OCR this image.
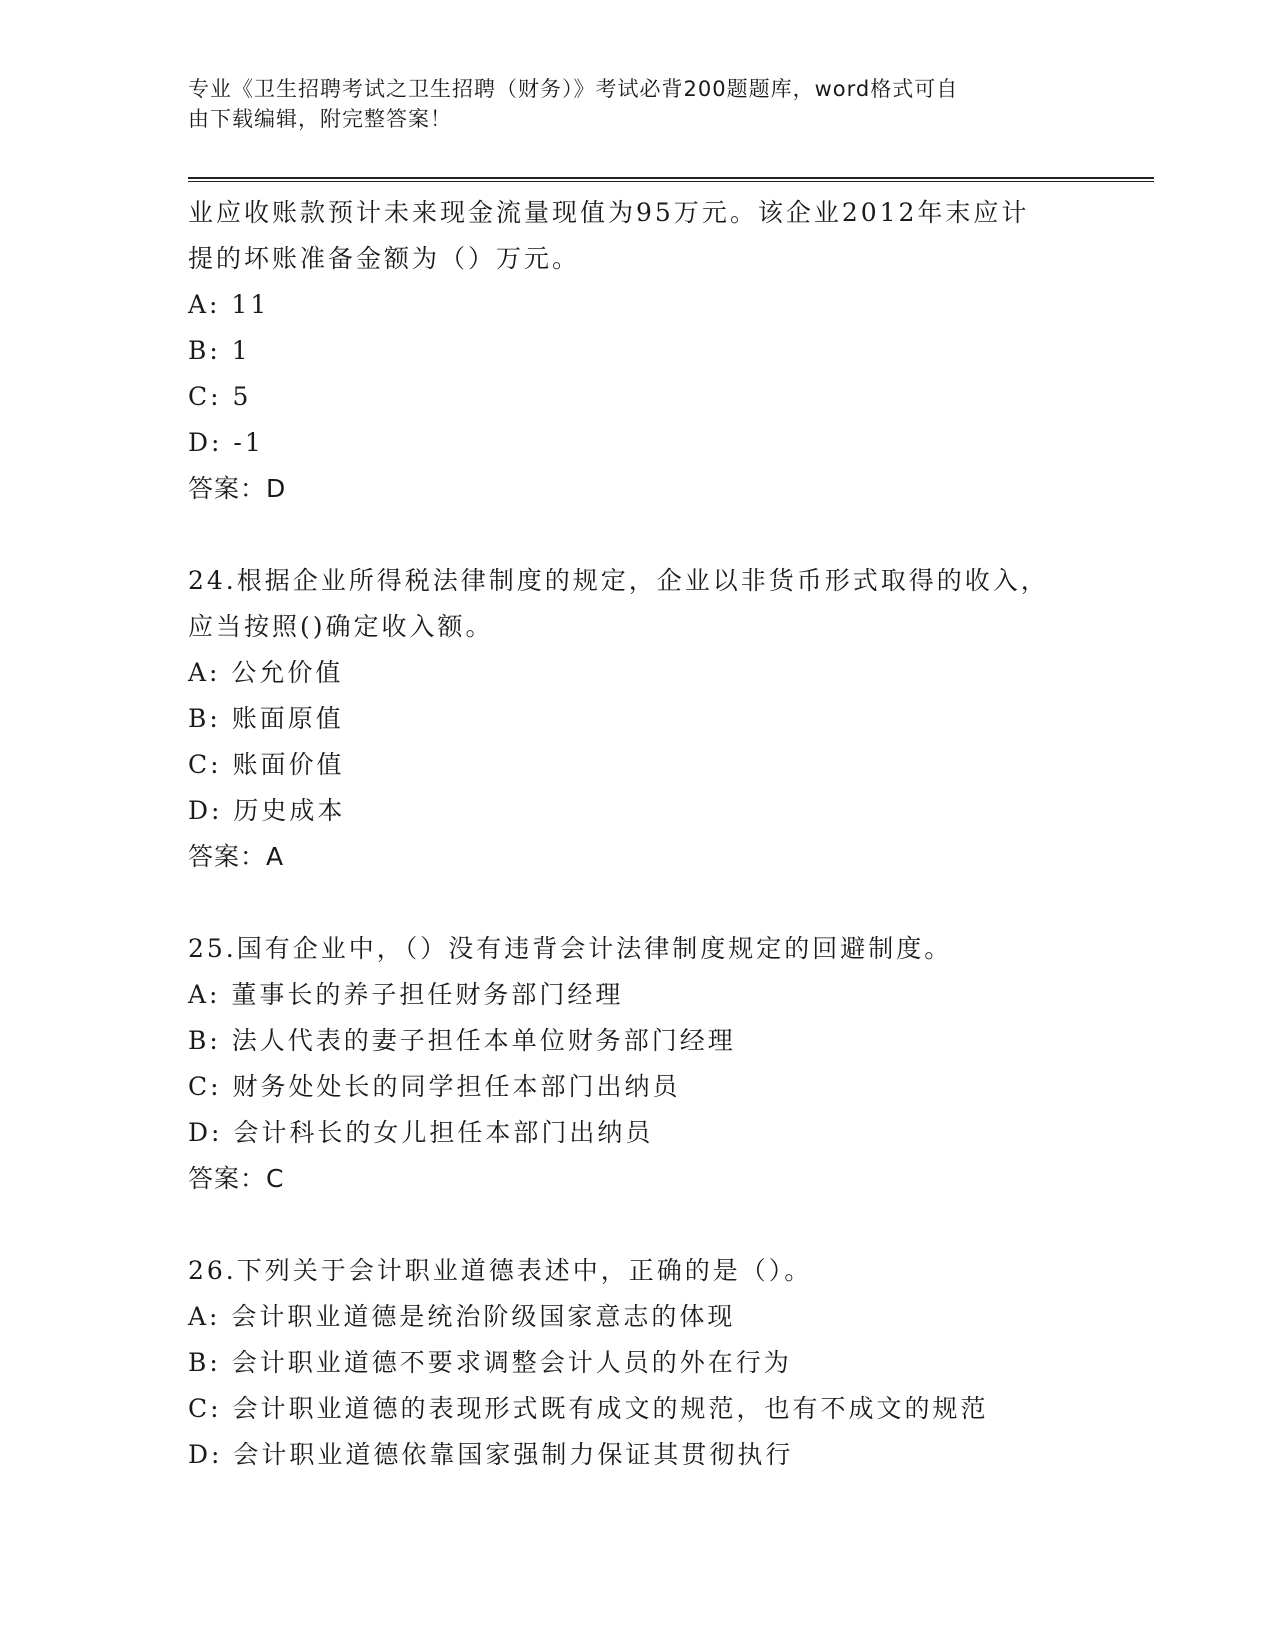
专业《卫生招聘考试之卫生招聘（财务）》考试必背200题题库，word格式可自
由下载编辑，附完整答案！
业应收账款预计未来现金流量现值为95万元。该企业2012年末应计
提的坏账准备金额为（）万元。
A: 11
B: 1
C: 5
D: -1
答案：D
24.根据企业所得税法律制度的规定，企业以非货币形式取得的收入，
应当按照()确定收入额。
A: 公允价值
B: 账面原值
C: 账面价值
D: 历史成本
答案：A
25.国有企业中，（）没有违背会计法律制度规定的回避制度。
A: 董事长的养子担任财务部门经理
B: 法人代表的妻子担任本单位财务部门经理
C: 财务处处长的同学担任本部门出纳员
D: 会计科长的女儿担任本部门出纳员
答案：C
26.下列关于会计职业道德表述中，正确的是（）。
A: 会计职业道德是统治阶级国家意志的体现
B: 会计职业道德不要求调整会计人员的外在行为
C: 会计职业道德的表现形式既有成文的规范，也有不成文的规范
D: 会计职业道德依靠国家强制力保证其贯彻执行
